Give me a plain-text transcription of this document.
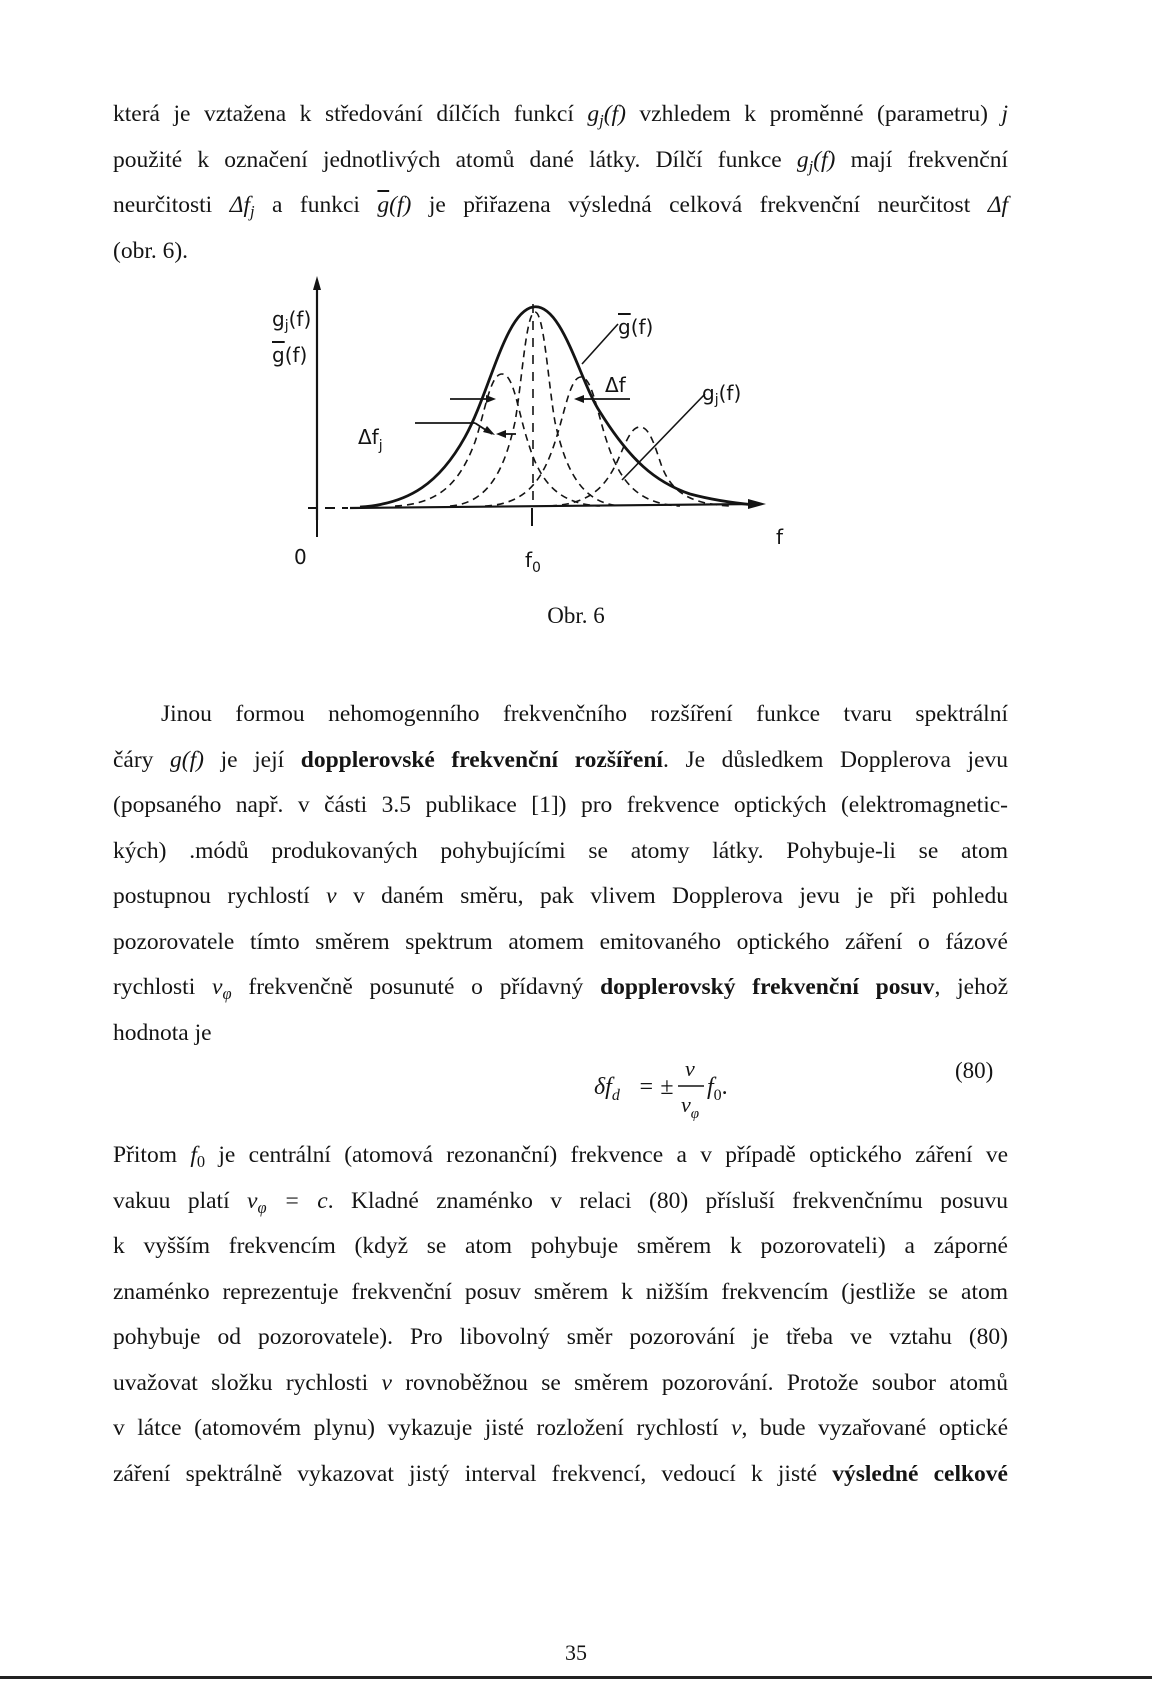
která je vztažena k středování dílčích funkcí $g_j(f)$ vzhledem k proměnné (parametru) j
použité k označení jednotlivých atomů dané látky. Dílčí funkce $g_j(f)$ mají frekvenční
neurčitosti $\Delta f_j$ a funkci $\overline{g}(f)$ je přiřazena výsledná celková frekvenční neurčitost Δf
(obr. 6).
$g_j(f)$
g(f)
g(f)
$g_j(f)$
Δf
$\Delta f_j$
0	$f_0$
f
Obr. 6
Jinou formou nehomogenního frekvenčního rozšíření funkce tvaru spektrální
čáry g(f) je její dopplerovské frekvenční rozšíření. Je důsledkem Dopplerova jevu
(popsaného např. v části 3.5 publikace [1]) pro frekvence optických (elektromagnetic-
kých) .módů produkovaných pohybujícími se atomy látky. Pohybuje-li se atom
postupnou rychlostí v v daném směru, pak vlivem Dopplerova jevu je při pohledu
pozorovatele tímto směrem spektrum atomem emitovaného optického záření o fázové
rychlosti $v_\varphi$ frekvenčně posunuté o přídavný dopplerovský frekvenční posuv, jehož
hodnota je
$\delta f_d$ = ±
v
$v_\varphi$
$f_0$.
(80)
Přitom $f_0$ je centrální (atomová rezonanční) frekvence a v případě optického záření ve
vakuu platí $v_\varphi = c$. Kladné znaménko v relaci (80) přísluší frekvenčnímu posuvu
k vyšším frekvencím (když se atom pohybuje směrem k pozorovateli) a záporné
znaménko reprezentuje frekvenční posuv směrem k nižším frekvencím (jestliže se atom
pohybuje od pozorovatele). Pro libovolný směr pozorování je třeba ve vztahu (80)
uvažovat složku rychlosti v rovnoběžnou se směrem pozorování. Protože soubor atomů
v látce (atomovém plynu) vykazuje jisté rozložení rychlostí v, bude vyzařované optické
záření spektrálně vykazovat jistý interval frekvencí, vedoucí k jisté výsledné celkové
35
